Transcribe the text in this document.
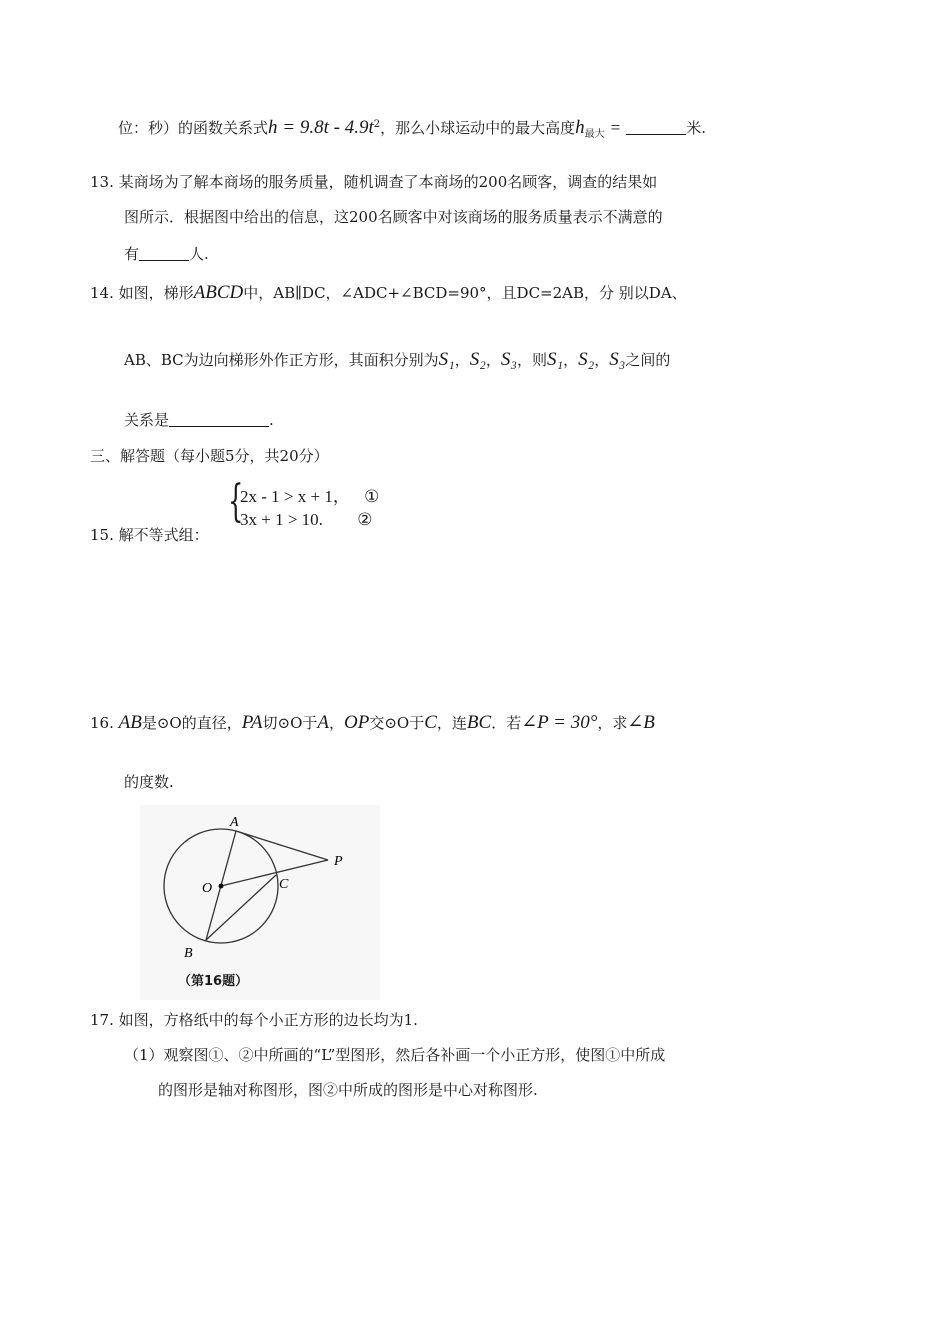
位：秒）的函数关系式$h = 9.8t - 4.9t^2$，那么小球运动中的最大高度$h_{最大}$ =	米.
13. 某商场为了解本商场的服务质量，随机调查了本商场的200名顾客，调查的结果如
图所示．根据图中给出的信息，这200名顾客中对该商场的服务质量表示不满意的
有	人.
14. 如图，梯形ABCD中，AB∥DC，∠ADC+∠BCD=90°，且DC=2AB，分 别以DA、
AB、BC为边向梯形外作正方形，其面积分别为S₁，S₂，S₃，则S₁，S₂，S₃之间的
关系是	.
三、解答题（每小题5分，共20分）
15. 解不等式组：
{
2x - 1 > x + 1， ①
3x + 1 > 10. ②
16. AB是⊙O的直径，PA切⊙O于A，OP交⊙O于C，连BC．若∠P = 30°，求∠B
的度数.
A
O	C
P
B
（第16题）
17. 如图，方格纸中的每个小正方形的边长均为1.
（1）观察图①、②中所画的“L”型图形，然后各补画一个小正方形，使图①中所成
的图形是轴对称图形，图②中所成的图形是中心对称图形.
